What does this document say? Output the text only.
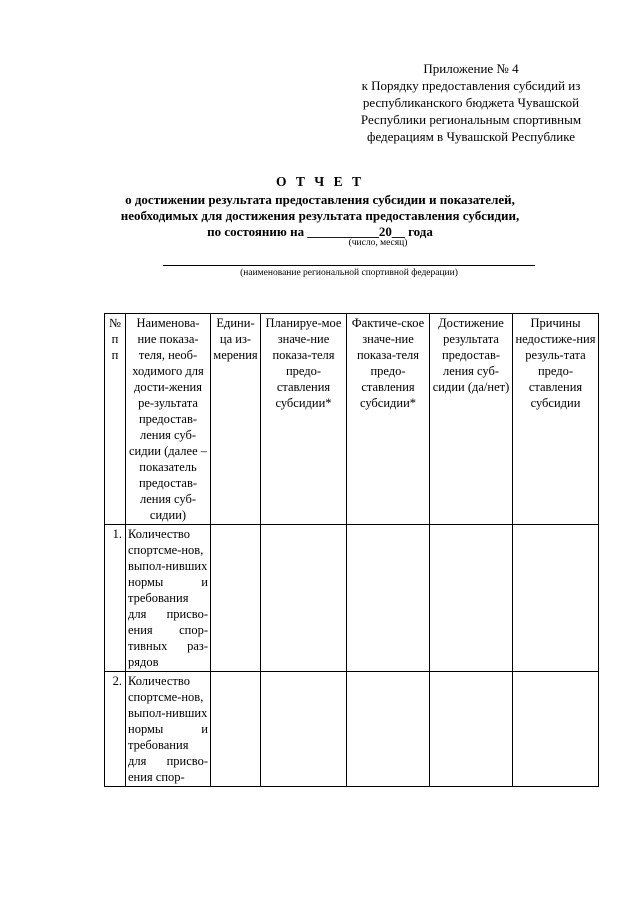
Приложение № 4
к Порядку предоставления субсидий из
республиканского бюджета Чувашской
Республики региональным спортивным
федерациям в Чувашской Республике
О Т Ч Е Т
о достижении результата предоставления субсидии и показателей,
необходимых для достижения результата предоставления субсидии,
по состоянию на ___________20__ года
(число, месяц)
(наименование региональной спортивной федерации)
№ п п	Наименова-ние показа-теля, необ-ходимого для дости-жения ре-зультата предостав-ления суб-сидии (далее – показатель предостав-ления суб-сидии)	Едини-ца из-мерения	Планируе-мое значе-ние показа-теля предо-ставления субсидии*	Фактиче-ское значе-ние показа-теля предо-ставления субсидии*	Достижение результата предостав-ления суб-сидии (да/нет)	Причины недостиже-ния резуль-тата предо-ставления субсидии
1.	Количество спортсме-нов, выпол-нивших нормы и требования для присво-ения спор-тивных раз-рядов					
2.	Количество спортсме-нов, выпол-нивших нормы и требования для присво-ения спор-					
